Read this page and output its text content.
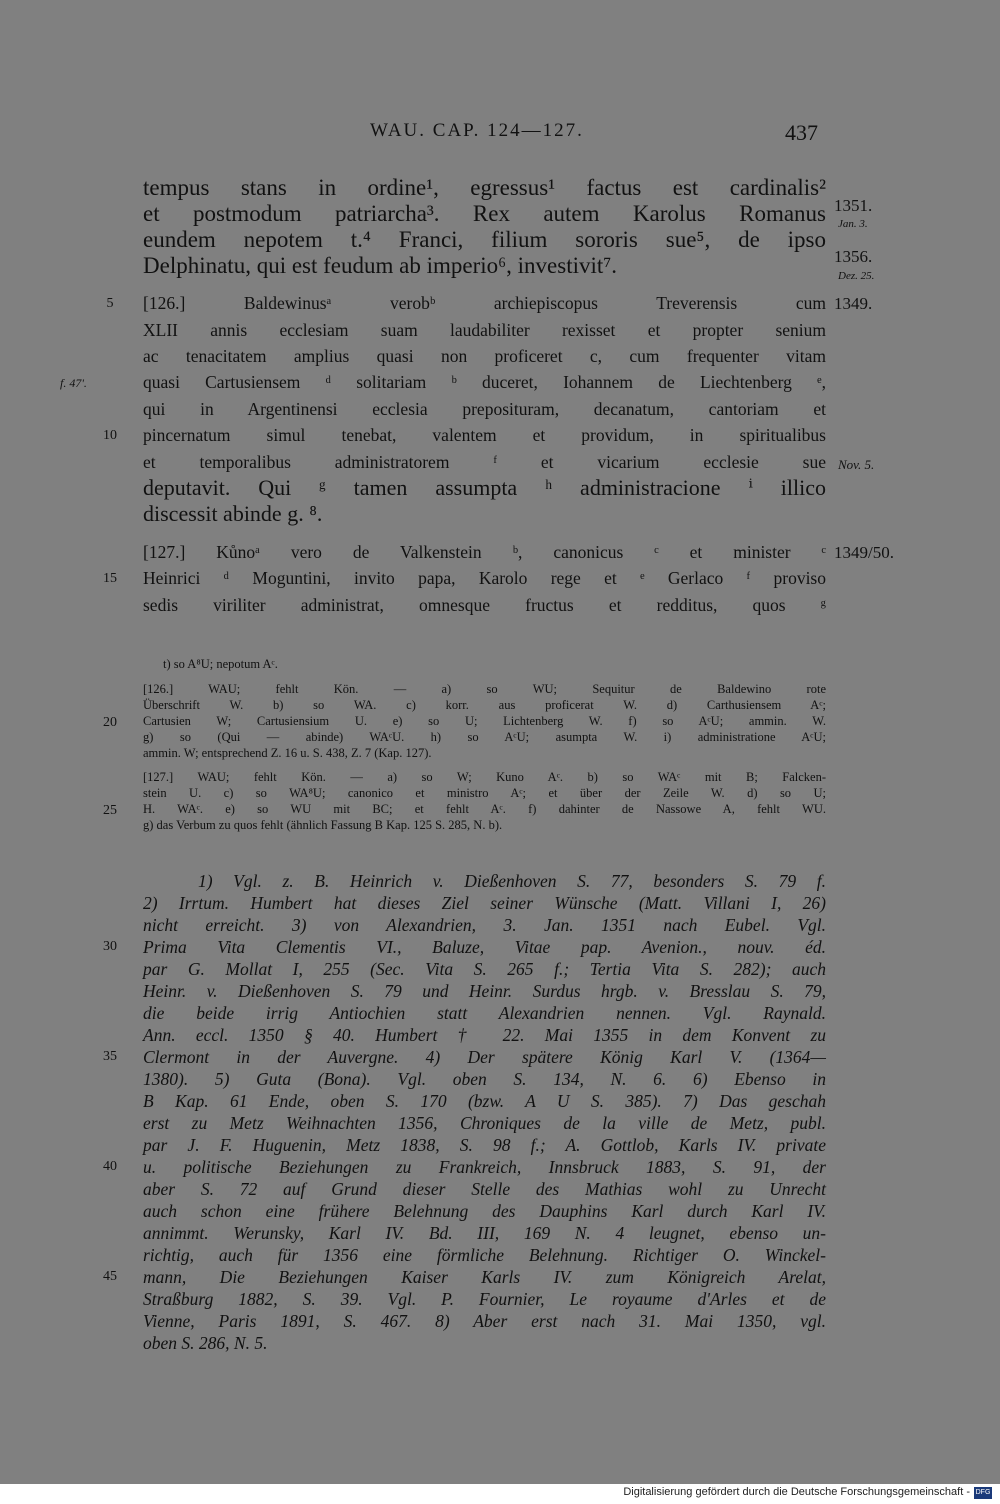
WAU. CAP. 124—127.	437
tempus stans in ordine¹, egressus¹ factus est cardinalis²
et postmodum patriarcha³. Rex autem Karolus Romanus
eundem nepotem t.⁴ Franci, filium sororis sue⁵, de ipso
Delphinatu, qui est feudum ab imperio⁶, investivit⁷.
1351.
Jan. 3.
1356.
Dez. 25.
[126.] Baldewinusᵃ verobᵇ archiepiscopus Treverensis cum
XLII annis ecclesiam suam laudabiliter rexisset et propter senium
ac tenacitatem amplius quasi non proficeret c, cum frequenter vitam
quasi Cartusiensem ᵈ solitariam ᵇ duceret, Iohannem de Liechtenberg ᵉ,
qui in Argentinensi ecclesia preposituram, decanatum, cantoriam et
pincernatum simul tenebat, valentem et providum, in spiritualibus
et temporalibus administratorem ᶠ et vicarium ecclesie sue
deputavit. Qui ᵍ tamen assumpta ʰ administracione ⁱ illico
discessit abinde g. ⁸.
[127.] Kůnoᵃ vero de Valkenstein ᵇ, canonicus ᶜ et minister ᶜ
Heinrici ᵈ Moguntini, invito papa, Karolo rege et ᵉ Gerlaco ᶠ proviso
sedis viriliter administrat, omnesque fructus et redditus, quos ᵍ
5
10
15
f. 47'.
1349.
Nov. 5.
1349/50.
t) so A⁸U; nepotum Aᶜ.
[126.] WAU; fehlt Kön. — a) so WU; Sequitur de Baldewino rote
Überschrift W. b) so WA. c) korr. aus proficerat W. d) Carthusiensem Aᶜ;
Cartusien W; Cartusiensium U. e) so U; Lichtenberg W. f) so AᶜU; ammin. W.
g) so (Qui — abinde) WAᶜU. h) so AᶜU; asumpta W. i) administratione AᶜU;
ammin. W; entsprechend Z. 16 u. S. 438, Z. 7 (Kap. 127).
[127.] WAU; fehlt Kön. — a) so W; Kuno Aᶜ. b) so WAᶜ mit B; Falcken-
stein U. c) so WA⁸U; canonico et ministro Aᶜ; et über der Zeile W. d) so U;
H. WAᶜ. e) so WU mit BC; et fehlt Aᶜ. f) dahinter de Nassowe A, fehlt WU.
g) das Verbum zu quos fehlt (ähnlich Fassung B Kap. 125 S. 285, N. b).
20
25
1) Vgl. z. B. Heinrich v. Dießenhoven S. 77, besonders S. 79 f.
2) Irrtum. Humbert hat dieses Ziel seiner Wünsche (Matt. Villani I, 26)
nicht erreicht. 3) von Alexandrien, 3. Jan. 1351 nach Eubel. Vgl.
Prima Vita Clementis VI., Baluze, Vitae pap. Avenion., nouv. éd.
par G. Mollat I, 255 (Sec. Vita S. 265 f.; Tertia Vita S. 282); auch
Heinr. v. Dießenhoven S. 79 und Heinr. Surdus hrgb. v. Bresslau S. 79,
die beide irrig Antiochien statt Alexandrien nennen. Vgl. Raynald.
Ann. eccl. 1350 § 40. Humbert † 22. Mai 1355 in dem Konvent zu
Clermont in der Auvergne. 4) Der spätere König Karl V. (1364—
1380). 5) Guta (Bona). Vgl. oben S. 134, N. 6. 6) Ebenso in
B Kap. 61 Ende, oben S. 170 (bzw. A U S. 385). 7) Das geschah
erst zu Metz Weihnachten 1356, Chroniques de la ville de Metz, publ.
par J. F. Huguenin, Metz 1838, S. 98 f.; A. Gottlob, Karls IV. private
u. politische Beziehungen zu Frankreich, Innsbruck 1883, S. 91, der
aber S. 72 auf Grund dieser Stelle des Mathias wohl zu Unrecht
auch schon eine frühere Belehnung des Dauphins Karl durch Karl IV.
annimmt. Werunsky, Karl IV. Bd. III, 169 N. 4 leugnet, ebenso un-
richtig, auch für 1356 eine förmliche Belehnung. Richtiger O. Winckel-
mann, Die Beziehungen Kaiser Karls IV. zum Königreich Arelat,
Straßburg 1882, S. 39. Vgl. P. Fournier, Le royaume d'Arles et de
Vienne, Paris 1891, S. 467. 8) Aber erst nach 31. Mai 1350, vgl.
oben S. 286, N. 5.
30
35
40
45
Digitalisierung gefördert durch die Deutsche Forschungsgemeinschaft - DFG
